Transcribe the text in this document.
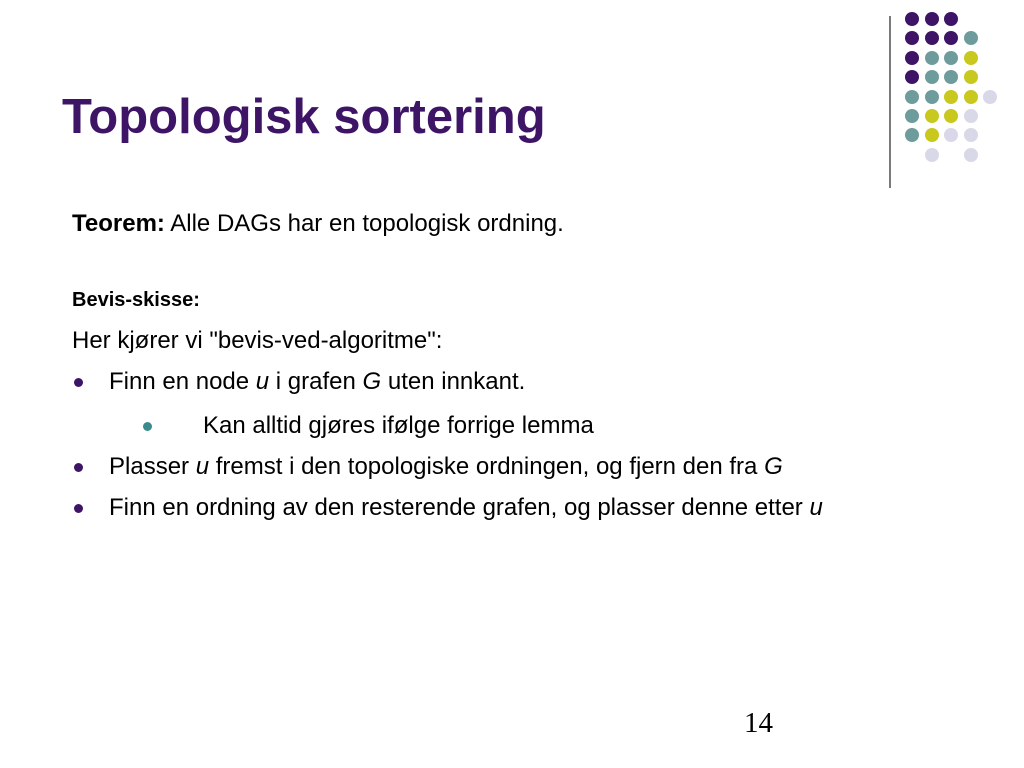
Topologisk sortering
Teorem: Alle DAGs har en topologisk ordning.
Bevis-skisse:
Her kjører vi "bevis-ved-algoritme":
Finn en node u i grafen G uten innkant.
Kan alltid gjøres ifølge forrige lemma
Plasser u fremst i den topologiske ordningen, og fjern den fra G
Finn en ordning av den resterende grafen, og plasser denne etter u
14
